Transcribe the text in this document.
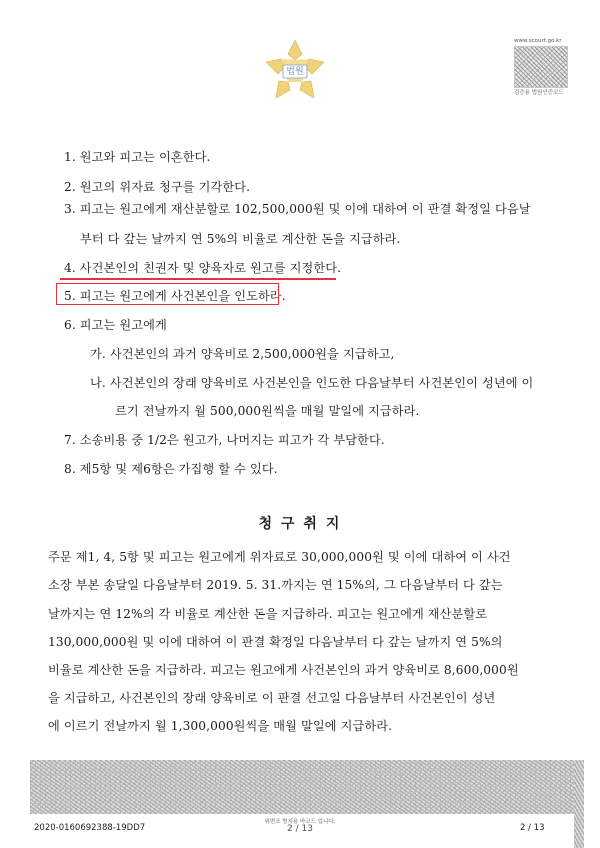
법원
www.scourt.go.kr
검증용 법원인증코드
1. 원고와 피고는 이혼한다.
2. 원고의 위자료 청구를 기각한다.
3. 피고는 원고에게 재산분할로 102,500,000원 및 이에 대하여 이 판결 확정일 다음날
부터 다 갚는 날까지 연 5%의 비율로 계산한 돈을 지급하라.
4. 사건본인의 친권자 및 양육자로 원고를 지정한다.
5. 피고는 원고에게 사건본인을 인도하라.
6. 피고는 원고에게
가. 사건본인의 과거 양육비로 2,500,000원을 지급하고,
나. 사건본인의 장래 양육비로 사건본인을 인도한 다음날부터 사건본인이 성년에 이
르기 전날까지 월 500,000원씩을 매월 말일에 지급하라.
7. 소송비용 중 1/2은 원고가, 나머지는 피고가 각 부담한다.
8. 제5항 및 제6항은 가집행 할 수 있다.
청 구 취 지
주문 제1, 4, 5항 및 피고는 원고에게 위자료로 30,000,000원 및 이에 대하여 이 사건
소장 부본 송달일 다음날부터 2019. 5. 31.까지는 연 15%의, 그 다음날부터 다 갚는
날까지는 연 12%의 각 비율로 계산한 돈을 지급하라. 피고는 원고에게 재산분할로
130,000,000원 및 이에 대하여 이 판결 확정일 다음날부터 다 갚는 날까지 연 5%의
비율로 계산한 돈을 지급하라. 피고는 원고에게 사건본인의 과거 양육비로 8,600,000원
을 지급하고, 사건본인의 장래 양육비로 이 판결 선고일 다음날부터 사건본인이 성년
에 이르기 전날까지 월 1,300,000원씩을 매월 말일에 지급하라.
2020-0160692388-19DD7
위변조 방지용 바코드 입니다.
2 / 13	2 / 13
